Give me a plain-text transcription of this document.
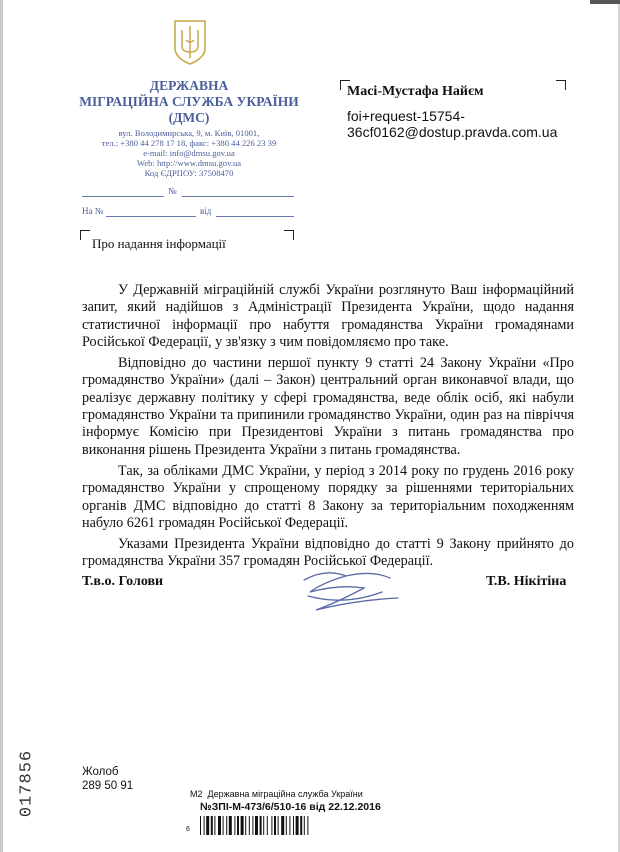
ДЕРЖАВНА
МІГРАЦІЙНА СЛУЖБА УКРАЇНИ
(ДМС)
вул. Володимирська, 9, м. Київ, 01001,
тел.: +380 44 278 17 18, факс: +380 44 226 23 39
e-mail: info@dmsu.gov.ua
Web: http://www.dmsu.gov.ua
Код ЄДРПОУ: 37508470
№
На №	від
Масі-Мустафа Найєм
foi+request-15754-
36cf0162@dostup.pravda.com.ua
Про надання інформації

У Державній міграційній службі України розглянуто Ваш інформаційний запит, який надійшов з Адміністрації Президента України, щодо надання статистичної інформації про набуття громадянства України громадянами Російської Федерації, у зв'язку з чим повідомляємо про таке.

Відповідно до частини першої пункту 9 статті 24 Закону України «Про громадянство України» (далі – Закон) центральний орган виконавчої влади, що реалізує державну політику у сфері громадянства, веде облік осіб, які набули громадянство України та припинили громадянство України, один раз на півріччя інформує Комісію при Президентові України з питань громадянства про виконання рішень Президента України з питань громадянства.

Так, за обліками ДМС України, у період з 2014 року по грудень 2016 року громадянство України у спрощеному порядку за рішеннями територіальних органів ДМС відповідно до статті 8 Закону за територіальним походженням набуло 6261 громадян Російської Федерації.

Указами Президента України відповідно до статті 9 Закону прийнято до громадянства України 357 громадян Російської Федерації.

Т.в.о. Голови	Т.В. Нікітіна
Жолоб
289 50 91
017856	М2 Державна міграційна служба України
№ЗПІ-М-473/6/510-16 від 22.12.2016
6
